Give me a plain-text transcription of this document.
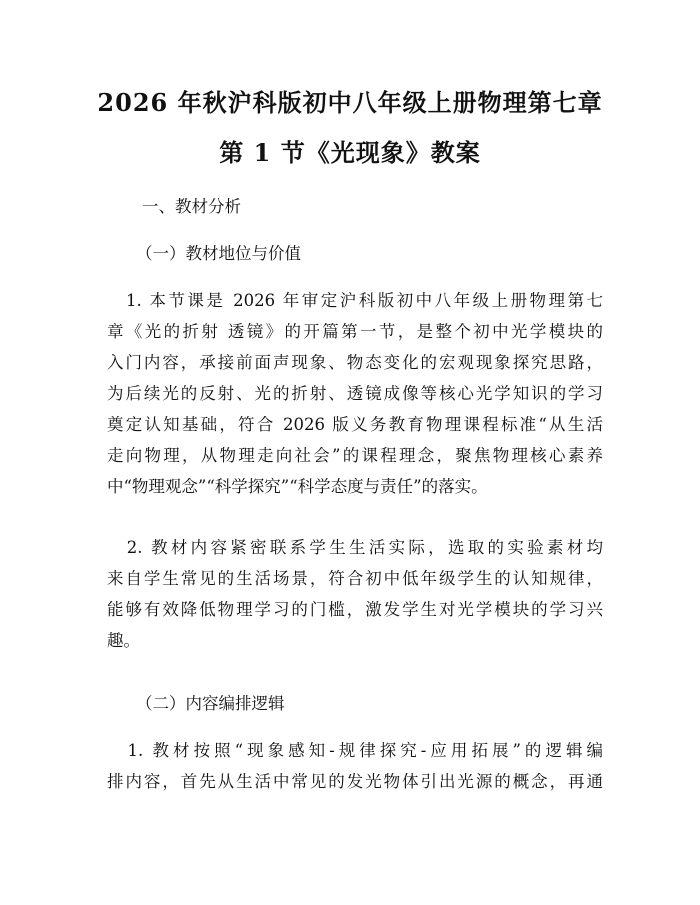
2026 年秋沪科版初中八年级上册物理第七章
第 1 节《光现象》教案
一、教材分析
（一）教材地位与价值
　1. 本节课是 2026 年审定沪科版初中八年级上册物理第七
章《光的折射 透镜》的开篇第一节，是整个初中光学模块的
入门内容，承接前面声现象、物态变化的宏观现象探究思路，
为后续光的反射、光的折射、透镜成像等核心光学知识的学习
奠定认知基础，符合 2026 版义务教育物理课程标准“从生活
走向物理，从物理走向社会”的课程理念，聚焦物理核心素养
中“物理观念”“科学探究”“科学态度与责任”的落实。
　2. 教材内容紧密联系学生生活实际，选取的实验素材均
来自学生常见的生活场景，符合初中低年级学生的认知规律，
能够有效降低物理学习的门槛，激发学生对光学模块的学习兴
趣。
（二）内容编排逻辑
　1. 教材按照“现象感知-规律探究-应用拓展”的逻辑编
排内容，首先从生活中常见的发光物体引出光源的概念，再通
